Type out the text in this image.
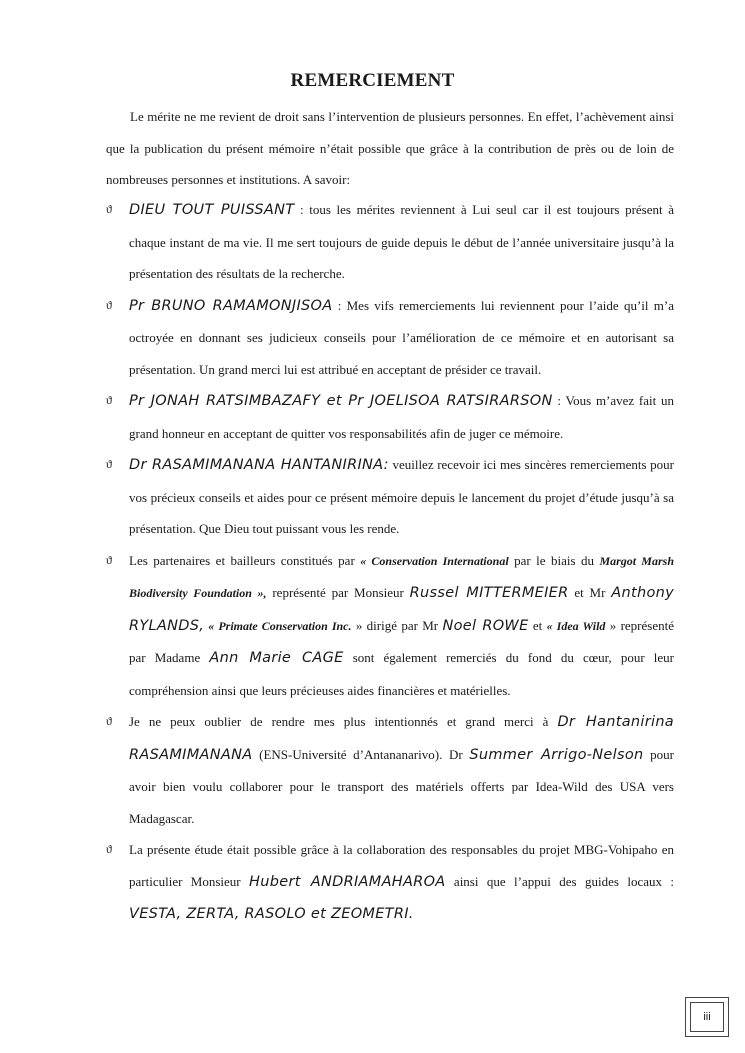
REMERCIEMENT

Le mérite ne me revient de droit sans l’intervention de plusieurs personnes. En effet, l’achèvement ainsi que la publication du présent mémoire n’était possible que grâce à la contribution de près ou de loin de nombreuses personnes et institutions. A savoir:

ϑ DIEU TOUT PUISSANT : tous les mérites reviennent à Lui seul car il est toujours présent à chaque instant de ma vie. Il me sert toujours de guide depuis le début de l’année universitaire jusqu’à la présentation des résultats de la recherche.
ϑ Pr BRUNO RAMAMONJISOA : Mes vifs remerciements lui reviennent pour l’aide qu’il m’a octroyée en donnant ses judicieux conseils pour l’amélioration de ce mémoire et en autorisant sa présentation. Un grand merci lui est attribué en acceptant de présider ce travail.
ϑ Pr JONAH RATSIMBAZAFY et Pr JOELISOA RATSIRARSON : Vous m’avez fait un grand honneur en acceptant de quitter vos responsabilités afin de juger ce mémoire.
ϑ Dr RASAMIMANANA HANTANIRINA: veuillez recevoir ici mes sincères remerciements pour vos précieux conseils et aides pour ce présent mémoire depuis le lancement du projet d’étude jusqu’à sa présentation. Que Dieu tout puissant vous les rende.
ϑ Les partenaires et bailleurs constitués par « Conservation International par le biais du Margot Marsh Biodiversity Foundation », représenté par Monsieur Russel MITTERMEIER et Mr Anthony RYLANDS, « Primate Conservation Inc. » dirigé par Mr Noel ROWE et « Idea Wild » représenté par Madame Ann Marie CAGE sont également remerciés du fond du cœur, pour leur compréhension ainsi que leurs précieuses aides financières et matérielles.
ϑ Je ne peux oublier de rendre mes plus intentionnés et grand merci à Dr Hantanirina RASAMIMANANA (ENS-Université d’Antananarivo). Dr Summer Arrigo-Nelson pour avoir bien voulu collaborer pour le transport des matériels offerts par Idea-Wild des USA vers Madagascar.
ϑ La présente étude était possible grâce à la collaboration des responsables du projet MBG-Vohipaho en particulier Monsieur Hubert ANDRIAMAHAROA ainsi que l’appui des guides locaux : VESTA, ZERTA, RASOLO et ZEOMETRI.
iii
